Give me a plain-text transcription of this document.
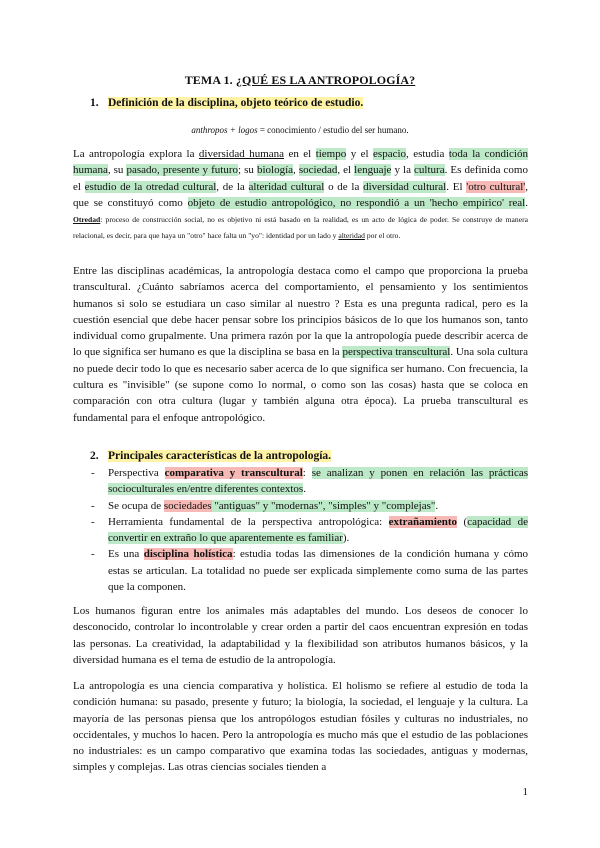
TEMA 1. ¿QUÉ ES LA ANTROPOLOGÍA?
1. Definición de la disciplina, objeto teórico de estudio.
anthropos + logos = conocimiento / estudio del ser humano.
La antropología explora la diversidad humana en el tiempo y el espacio, estudia toda la condición humana, su pasado, presente y futuro; su biología, sociedad, el lenguaje y la cultura. Es definida como el estudio de la otredad cultural, de la alteridad cultural o de la diversidad cultural. El 'otro cultural', que se constituyó como objeto de estudio antropológico, no respondió a un 'hecho empírico' real. Otredad: proceso de construcción social, no es objetivo ni está basado en la realidad, es un acto de lógica de poder. Se construye de manera relacional, es decir, para que haya un "otro" hace falta un "yo": identidad por un lado y alteridad por el otro.
Entre las disciplinas académicas, la antropología destaca como el campo que proporciona la prueba transcultural. ¿Cuánto sabríamos acerca del comportamiento, el pensamiento y los sentimientos humanos si solo se estudiara un caso similar al nuestro ? Esta es una pregunta radical, pero es la cuestión esencial que debe hacer pensar sobre los principios básicos de lo que los humanos son, tanto individual como grupalmente. Una primera razón por la que la antropología puede describir acerca de lo que significa ser humano es que la disciplina se basa en la perspectiva transcultural. Una sola cultura no puede decir todo lo que es necesario saber acerca de lo que significa ser humano. Con frecuencia, la cultura es "invisible" (se supone como lo normal, o como son las cosas) hasta que se coloca en comparación con otra cultura (lugar y también alguna otra época). La prueba transcultural es fundamental para el enfoque antropológico.
2. Principales características de la antropología.
- Perspectiva comparativa y transcultural: se analizan y ponen en relación las prácticas socioculturales en/entre diferentes contextos.
- Se ocupa de sociedades "antiguas" y "modernas", "simples" y "complejas".
- Herramienta fundamental de la perspectiva antropológica: extrañamiento (capacidad de convertir en extraño lo que aparentemente es familiar).
- Es una disciplina holística: estudia todas las dimensiones de la condición humana y cómo estas se articulan. La totalidad no puede ser explicada simplemente como suma de las partes que la componen.
Los humanos figuran entre los animales más adaptables del mundo. Los deseos de conocer lo desconocido, controlar lo incontrolable y crear orden a partir del caos encuentran expresión en todas las personas. La creatividad, la adaptabilidad y la flexibilidad son atributos humanos básicos, y la diversidad humana es el tema de estudio de la antropología.
La antropología es una ciencia comparativa y holística. El holismo se refiere al estudio de toda la condición humana: su pasado, presente y futuro; la biología, la sociedad, el lenguaje y la cultura. La mayoría de las personas piensa que los antropólogos estudian fósiles y culturas no industriales, no occidentales, y muchos lo hacen. Pero la antropología es mucho más que el estudio de las poblaciones no industriales: es un campo comparativo que examina todas las sociedades, antiguas y modernas, simples y complejas. Las otras ciencias sociales tienden a
1
